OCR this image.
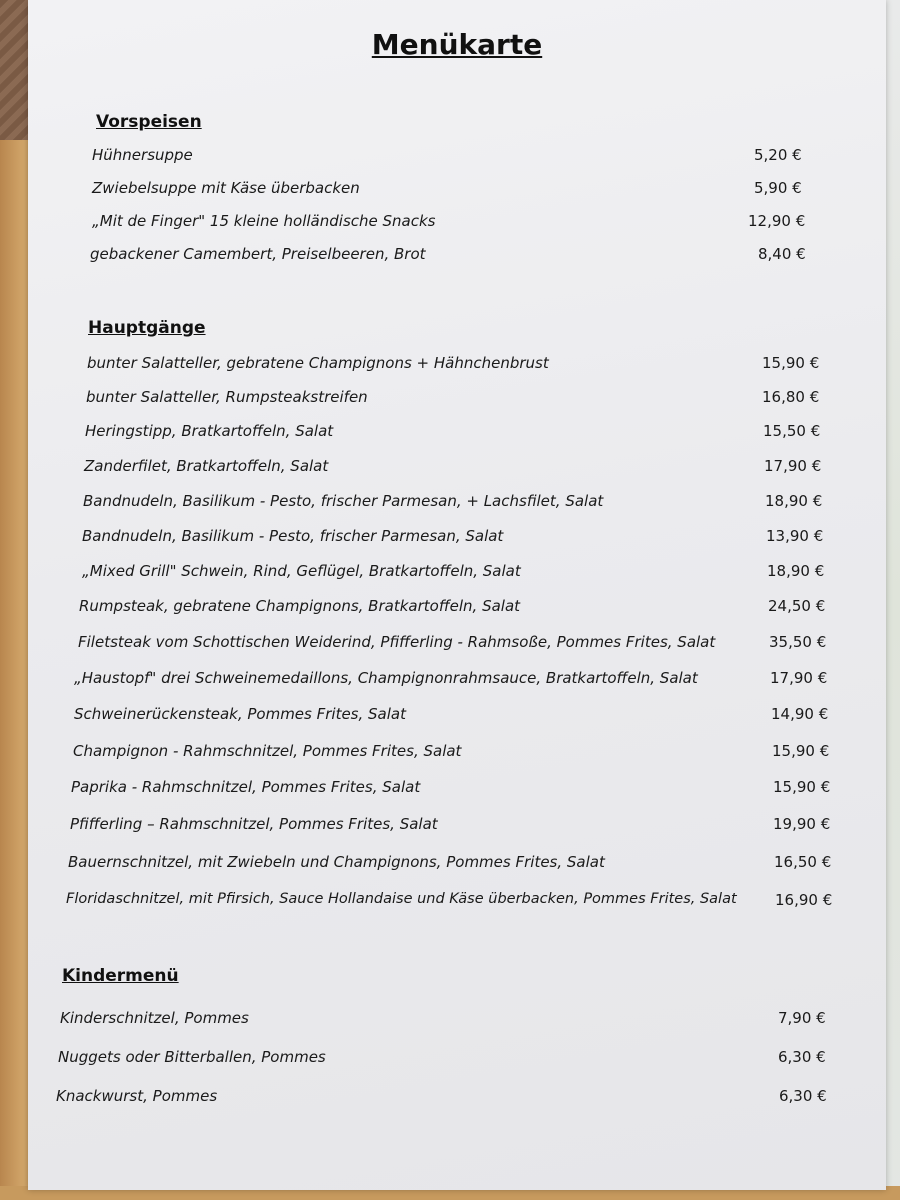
Menükarte
Vorspeisen
Hühnersuppe	5,20 €
Zwiebelsuppe mit Käse überbacken	5,90 €
„Mit de Finger" 15 kleine holländische Snacks	12,90 €
gebackener Camembert, Preiselbeeren, Brot	8,40 €
Hauptgänge
bunter Salatteller, gebratene Champignons + Hähnchenbrust	15,90 €
bunter Salatteller, Rumpsteakstreifen	16,80 €
Heringstipp, Bratkartoffeln, Salat	15,50 €
Zanderfilet, Bratkartoffeln, Salat	17,90 €
Bandnudeln, Basilikum - Pesto, frischer Parmesan, + Lachsfilet, Salat	18,90 €
Bandnudeln, Basilikum - Pesto, frischer Parmesan, Salat	13,90 €
„Mixed Grill" Schwein, Rind, Geflügel, Bratkartoffeln, Salat	18,90 €
Rumpsteak, gebratene Champignons, Bratkartoffeln, Salat	24,50 €
Filetsteak vom Schottischen Weiderind, Pfifferling - Rahmsoße, Pommes Frites, Salat	35,50 €
„Haustopf" drei Schweinemedaillons, Champignonrahmsauce, Bratkartoffeln, Salat	17,90 €
Schweinerückensteak, Pommes Frites, Salat	14,90 €
Champignon - Rahmschnitzel, Pommes Frites, Salat	15,90 €
Paprika - Rahmschnitzel, Pommes Frites, Salat	15,90 €
Pfifferling – Rahmschnitzel, Pommes Frites, Salat	19,90 €
Bauernschnitzel, mit Zwiebeln und Champignons, Pommes Frites, Salat	16,50 €
Floridaschnitzel, mit Pfirsich, Sauce Hollandaise und Käse überbacken, Pommes Frites, Salat	16,90 €
Kindermenü
Kinderschnitzel, Pommes	7,90 €
Nuggets oder Bitterballen, Pommes	6,30 €
Knackwurst, Pommes	6,30 €
